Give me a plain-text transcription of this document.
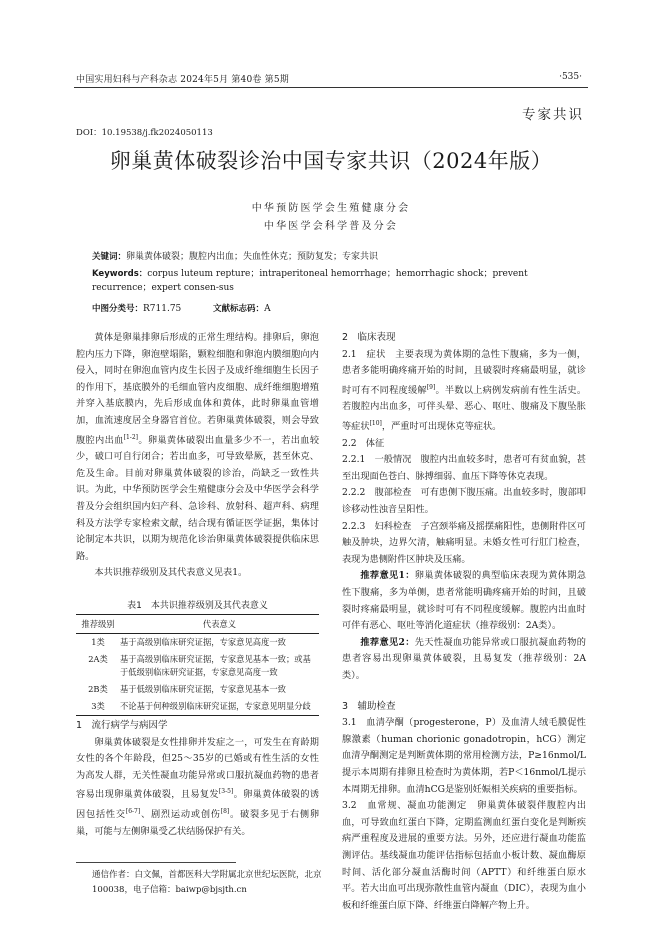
中国实用妇科与产科杂志 2024年5月 第40卷 第5期	·535·
专家共识
DOI：10.19538/j.fk2024050113
卵巢黄体破裂诊治中国专家共识（2024年版）
中华预防医学会生殖健康分会
中华医学会科学普及分会
关键词：卵巢黄体破裂；腹腔内出血；失血性休克；预防复发；专家共识
Keywords：corpus luteum repture；intraperitoneal hemorrhage；hemorrhagic shock；prevent recurrence；expert consen-sus
中图分类号：R711.75	文献标志码：A

黄体是卵巢排卵后形成的正常生理结构。排卵后，卵泡腔内压力下降，卵泡壁塌陷，颗粒细胞和卵泡内膜细胞向内侵入，同时在卵泡血管内皮生长因子及成纤维细胞生长因子的作用下，基底膜外的毛细血管内皮细胞、成纤维细胞增殖并穿入基底膜内，先后形成血体和黄体，此时卵巢血管增加，血流速度居全身器官首位。若卵巢黄体破裂，则会导致腹腔内出血[1-2]。卵巢黄体破裂出血量多少不一，若出血较少，破口可自行闭合；若出血多，可导致晕厥，甚至休克、危及生命。目前对卵巢黄体破裂的诊治，尚缺乏一致性共识。为此，中华预防医学会生殖健康分会及中华医学会科学普及分会组织国内妇产科、急诊科、放射科、超声科、病理科及方法学专家检索文献，结合现有循证医学证据，集体讨论制定本共识，以期为规范化诊治卵巢黄体破裂提供临床思路。

本共识推荐级别及其代表意义见表1。

表1　本共识推荐级别及其代表意义
推荐级别	代表意义
1类	基于高级别临床研究证据，专家意见高度一致
2A类	基于高级别临床研究证据，专家意见基本一致；或基于低级别临床研究证据，专家意见高度一致
2B类	基于低级别临床研究证据，专家意见基本一致
3类	不论基于何种级别临床研究证据，专家意见明显分歧
1　流行病学与病因学

卵巢黄体破裂是女性排卵并发症之一，可发生在育龄期女性的各个年龄段，但25～35岁的已婚或有性生活的女性为高发人群，无关性凝血功能异常或口服抗凝血药物的患者容易出现卵巢黄体破裂，且易复发[3-5]。卵巢黄体破裂的诱因包括性交[6-7]、剧烈运动或创伤[8]。破裂多见于右侧卵巢，可能与左侧卵巢受乙状结肠保护有关。

通信作者：白文佩，首都医科大学附属北京世纪坛医院，北京100038，电子信箱：baiwp@bjsjth.cn
2　临床表现

2.1　症状　 主要表现为黄体期的急性下腹痛，多为一侧，患者多能明确疼痛开始的时间，且破裂时疼痛最明显，就诊时可有不同程度缓解[9]。半数以上病例发病前有性生活史。若腹腔内出血多，可伴头晕、恶心、呕吐、腹痛及下腹坠胀等症状[10]，严重时可出现休克等症状。

2.2　体征

2.2.1　一般情况　 腹腔内出血较多时，患者可有贫血貌，甚至出现面色苍白、脉搏细弱、血压下降等休克表现。

2.2.2　腹部检查　 可有患侧下腹压痛。出血较多时，腹部叩诊移动性浊音呈阳性。

2.2.3　妇科检查　 子宫颈举痛及摇摆痛阳性，患侧附件区可触及肿块，边界欠清，触痛明显。未婚女性可行肛门检查，表现为患侧附件区肿块及压痛。

推荐意见1：卵巢黄体破裂的典型临床表现为黄体期急性下腹痛，多为单侧，患者常能明确疼痛开始的时间，且破裂时疼痛最明显，就诊时可有不同程度缓解。腹腔内出血时可伴有恶心、呕吐等消化道症状（推荐级别：2A类）。

推荐意见2：先天性凝血功能异常或口服抗凝血药物的患者容易出现卵巢黄体破裂，且易复发（推荐级别：2A类）。

3　辅助检查

3.1　血清孕酮（progesterone，P）及血清人绒毛膜促性腺激素（human chorionic gonadotropin，hCG）测定　血清孕酮测定是判断黄体期的常用检测方法，P≥16nmol/L提示本周期有排卵且检查时为黄体期，若P＜16nmol/L提示本周期无排卵。血清hCG是鉴别妊娠相关疾病的重要指标。

3.2　血常规、凝血功能测定　 卵巢黄体破裂伴腹腔内出血，可导致血红蛋白下降，定期监测血红蛋白变化是判断疾病严重程度及进展的重要方法。另外，还应进行凝血功能监测评估。基线凝血功能评估指标包括血小板计数、凝血酶原时间、活化部分凝血活酶时间（APTT）和纤维蛋白原水平。若大出血可出现弥散性血管内凝血（DIC），表现为血小板和纤维蛋白原下降、纤维蛋白降解产物上升。
